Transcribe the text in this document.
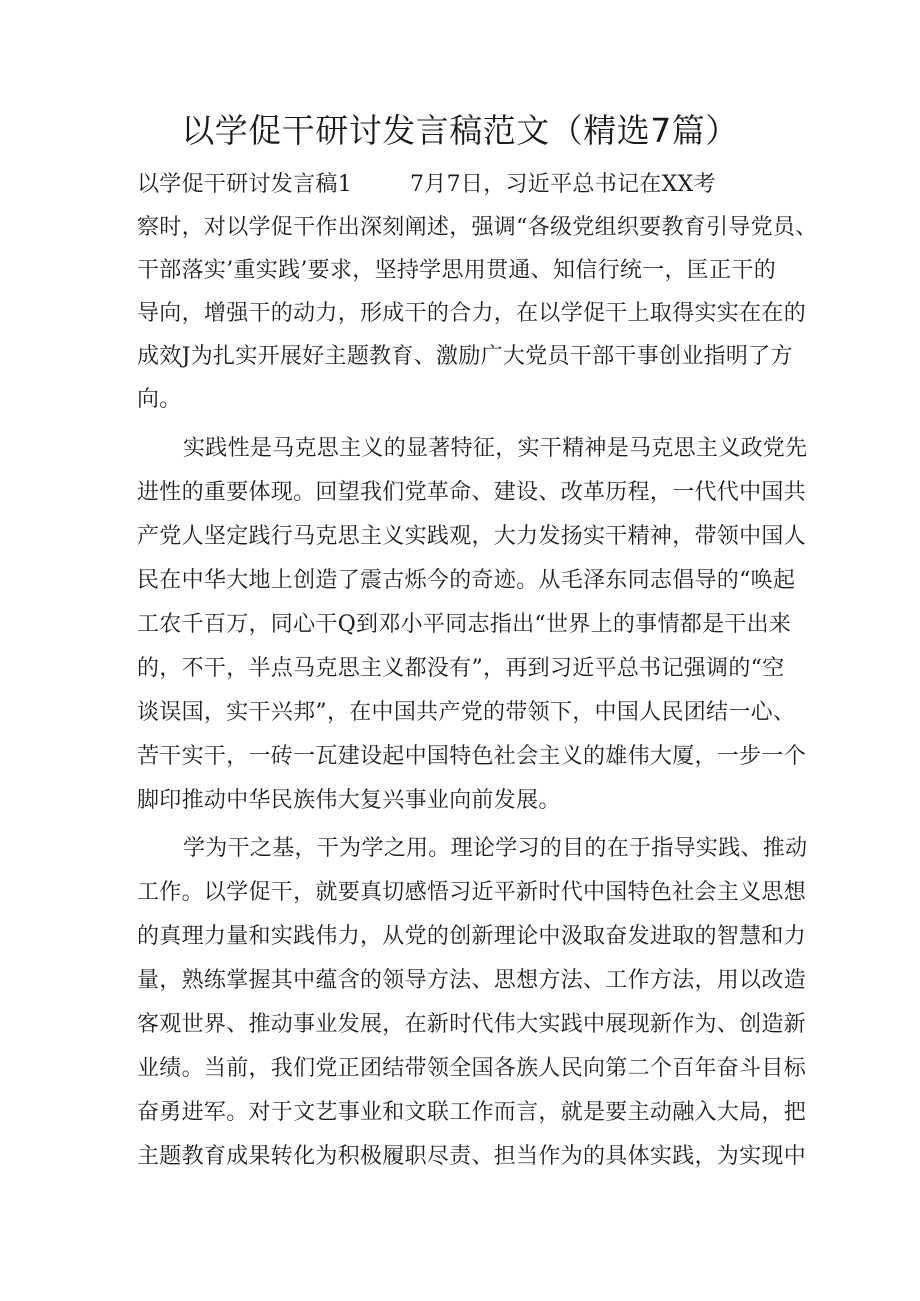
以学促干研讨发言稿范文（精选7篇）

以学促干研讨发言稿1	7月7日，习近平总书记在XX考

察时，对以学促干作出深刻阐述，强调“各级党组织要教育引导党员、

干部落实’重实践’要求，坚持学思用贯通、知信行统一，匡正干的

导向，增强干的动力，形成干的合力，在以学促干上取得实实在在的

成效J为扎实开展好主题教育、激励广大党员干部干事创业指明了方

向。

实践性是马克思主义的显著特征，实干精神是马克思主义政党先

进性的重要体现。回望我们党革命、建设、改革历程，一代代中国共

产党人坚定践行马克思主义实践观，大力发扬实干精神，带领中国人

民在中华大地上创造了震古烁今的奇迹。从毛泽东同志倡导的“唤起

工农千百万，同心干Q到邓小平同志指出“世界上的事情都是干出来

的，不干，半点马克思主义都没有”，再到习近平总书记强调的“空

谈误国，实干兴邦”，在中国共产党的带领下，中国人民团结一心、

苦干实干，一砖一瓦建设起中国特色社会主义的雄伟大厦，一步一个

脚印推动中华民族伟大复兴事业向前发展。

学为干之基，干为学之用。理论学习的目的在于指导实践、推动

工作。以学促干，就要真切感悟习近平新时代中国特色社会主义思想

的真理力量和实践伟力，从党的创新理论中汲取奋发进取的智慧和力

量，熟练掌握其中蕴含的领导方法、思想方法、工作方法，用以改造

客观世界、推动事业发展，在新时代伟大实践中展现新作为、创造新

业绩。当前，我们党正团结带领全国各族人民向第二个百年奋斗目标

奋勇进军。对于文艺事业和文联工作而言，就是要主动融入大局，把

主题教育成果转化为积极履职尽责、担当作为的具体实践，为实现中
